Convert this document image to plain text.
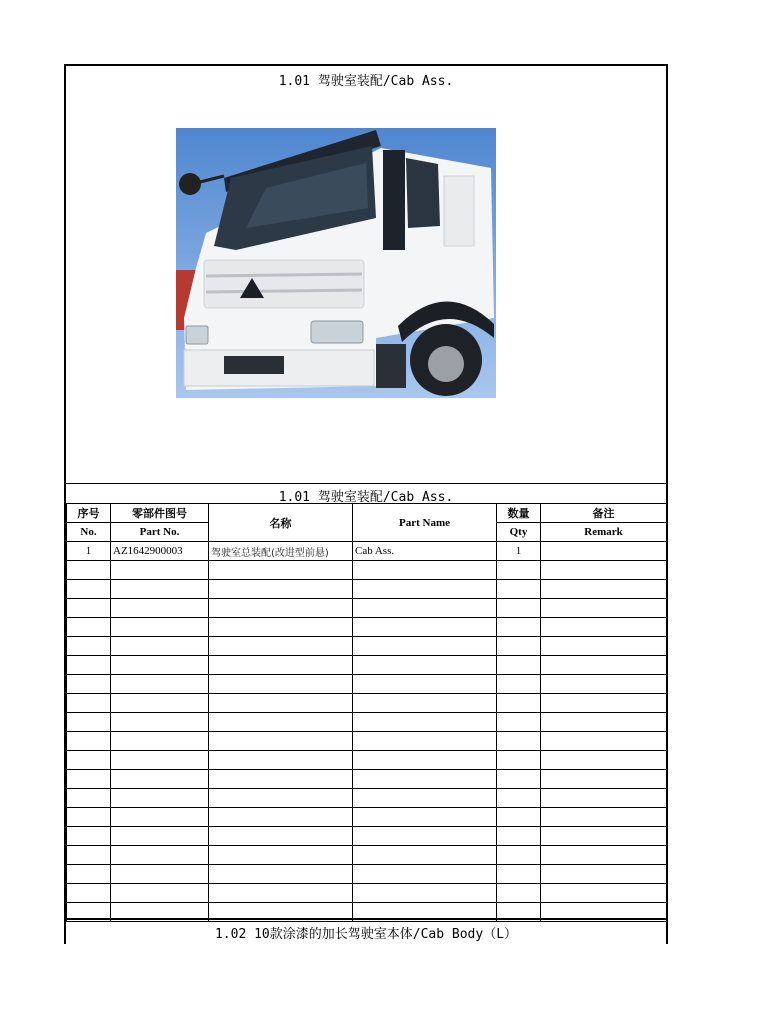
1.01 驾驶室装配/Cab Ass.
1.01 驾驶室装配/Cab Ass.
序号	零部件图号	名称	Part Name	数量	备注
No.	Part No.			Qty	Remark
1	AZ1642900003	驾驶室总装配(改进型前悬)	Cab Ass.	1	

1.02 10款涂漆的加长驾驶室本体/Cab Body（L）
